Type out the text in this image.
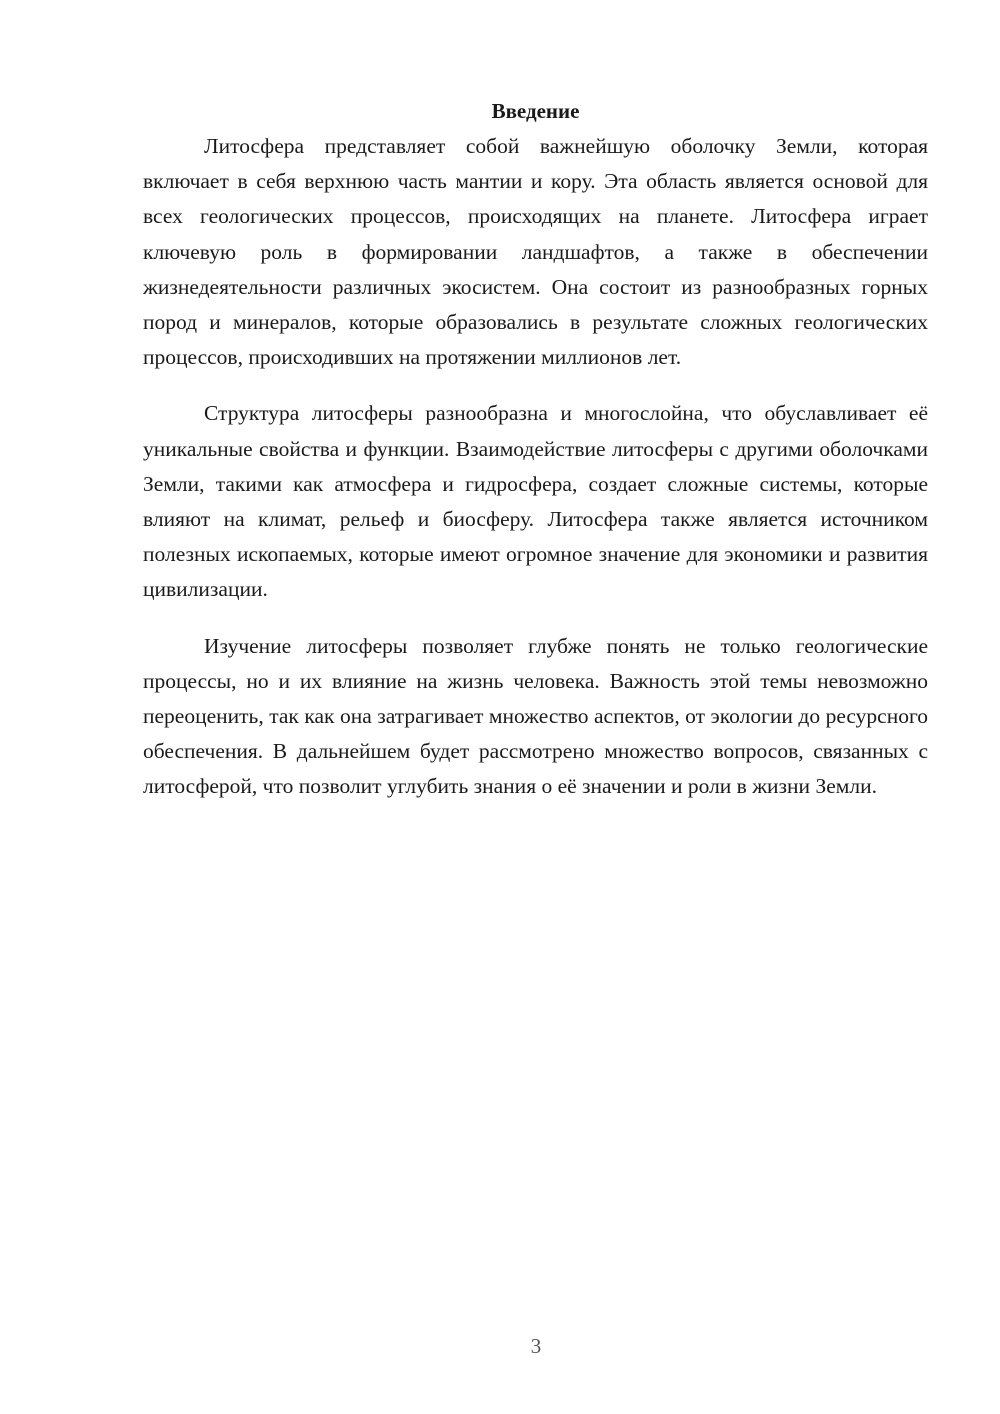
Введение

Литосфера представляет собой важнейшую оболочку Земли, которая включает в себя верхнюю часть мантии и кору. Эта область является основой для всех геологических процессов, происходящих на планете. Литосфера играет ключевую роль в формировании ландшафтов, а также в обеспечении жизнедеятельности различных экосистем. Она состоит из разнообразных горных пород и минералов, которые образовались в результате сложных геологических процессов, происходивших на протяжении миллионов лет.

Структура литосферы разнообразна и многослойна, что обуславливает её уникальные свойства и функции. Взаимодействие литосферы с другими оболочками Земли, такими как атмосфера и гидросфера, создает сложные системы, которые влияют на климат, рельеф и биосферу. Литосфера также является источником полезных ископаемых, которые имеют огромное значение для экономики и развития цивилизации.

Изучение литосферы позволяет глубже понять не только геологические процессы, но и их влияние на жизнь человека. Важность этой темы невозможно переоценить, так как она затрагивает множество аспектов, от экологии до ресурсного обеспечения. В дальнейшем будет рассмотрено множество вопросов, связанных с литосферой, что позволит углубить знания о её значении и роли в жизни Земли.

3
